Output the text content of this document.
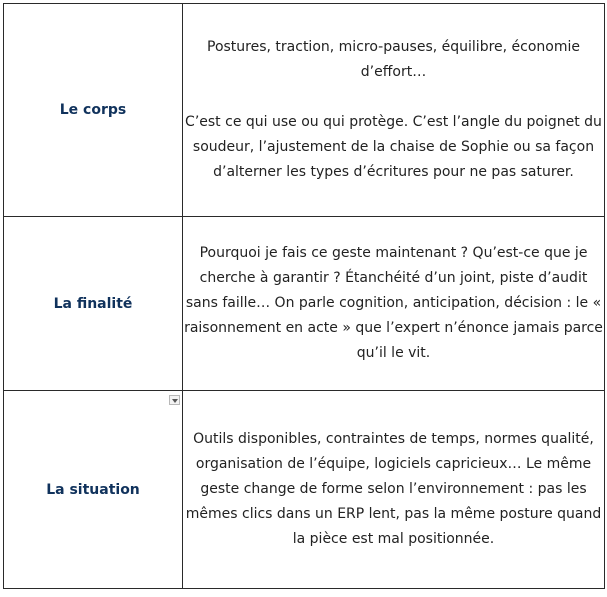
Le corps	Postures, traction, micro-pauses, équilibre, économie d’effort…

C’est ce qui use ou qui protège. C’est l’angle du poignet du soudeur, l’ajustement de la chaise de Sophie ou sa façon d’alterner les types d’écritures pour ne pas saturer.

La finalité	Pourquoi je fais ce geste maintenant ? Qu’est-ce que je cherche à garantir ? Étanchéité d’un joint, piste d’audit sans faille… On parle cognition, anticipation, décision : le « raisonnement en acte » que l’expert n’énonce jamais parce qu’il le vit.

La situation	Outils disponibles, contraintes de temps, normes qualité, organisation de l’équipe, logiciels capricieux… Le même geste change de forme selon l’environnement : pas les mêmes clics dans un ERP lent, pas la même posture quand la pièce est mal positionnée.
